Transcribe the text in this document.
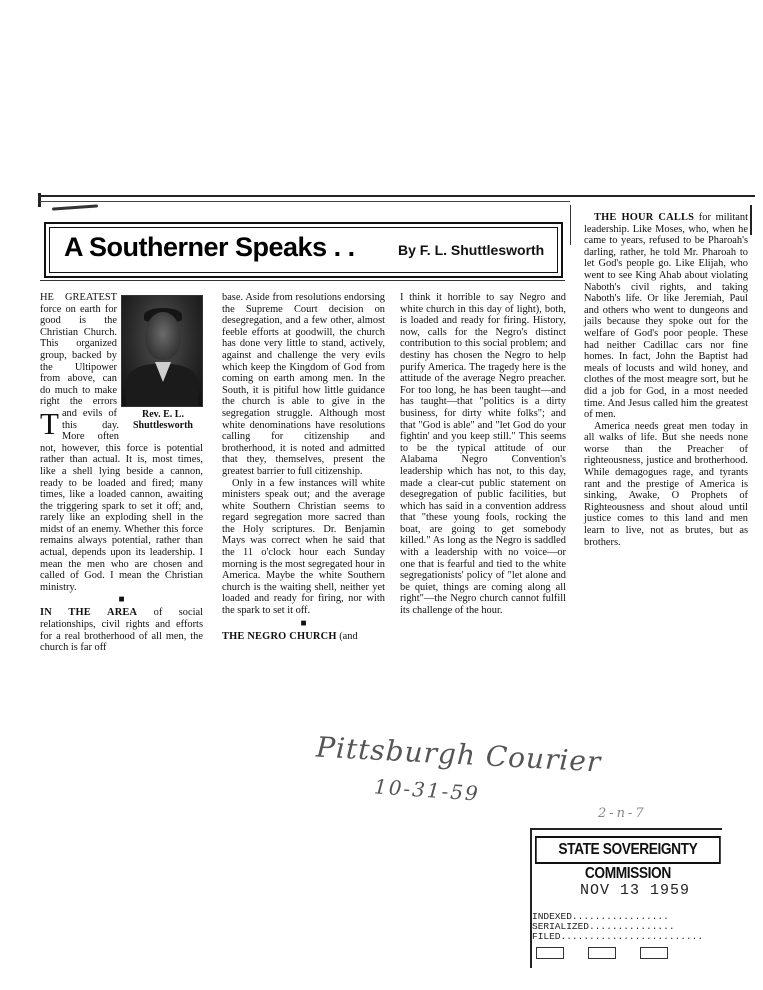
A Southerner Speaks . .	By F. L. Shuttlesworth
Rev. E. L.
Shuttlesworth

T
HE GREATEST force on earth for good is the Christian Church. This organized group, backed by the Ultipower from above, can do much to make right the errors and evils of this day. More often not, however, this force is potential rather than actual. It is, most times, like a shell lying beside a cannon, ready to be loaded and fired; many times, like a loaded cannon, awaiting the triggering spark to set it off; and, rarely like an exploding shell in the midst of an enemy. Whether this force remains always potential, rather than actual, depends upon its leadership. I mean the men who are chosen and called of God. I mean the Christian ministry.

■

IN THE AREA of social relationships, civil rights and efforts for a real brotherhood of all men, the church is far off

base. Aside from resolutions endorsing the Supreme Court decision on desegregation, and a few other, almost feeble efforts at goodwill, the church has done very little to stand, actively, against and challenge the very evils which keep the Kingdom of God from coming on earth among men. In the South, it is pitiful how little guidance the church is able to give in the segregation struggle. Although most white denominations have resolutions calling for citizenship and brotherhood, it is noted and admitted that they, themselves, present the greatest barrier to full citizenship.

Only in a few instances will white ministers speak out; and the average white Southern Christian seems to regard segregation more sacred than the Holy scriptures. Dr. Benjamin Mays was correct when he said that the 11 o'clock hour each Sunday morning is the most segregated hour in America. Maybe the white Southern church is the waiting shell, neither yet loaded and ready for firing, nor with the spark to set it off.

■

THE NEGRO CHURCH (and

I think it horrible to say Negro and white church in this day of light), both, is loaded and ready for firing. History, now, calls for the Negro's distinct contribution to this social problem; and destiny has chosen the Negro to help purify America. The tragedy here is the attitude of the average Negro preacher. For too long, he has been taught—and has taught—that "politics is a dirty business, for dirty white folks"; and that "God is able" and "let God do your fightin' and you keep still." This seems to be the typical attitude of our Alabama Negro Convention's leadership which has not, to this day, made a clear-cut public statement on desegregation of public facilities, but which has said in a convention address that "these young fools, rocking the boat, are going to get somebody killed." As long as the Negro is saddled with a leadership with no voice—or one that is fearful and tied to the white segregationists' policy of "let alone and be quiet, things are coming along all right"—the Negro church cannot fulfill its challenge of the hour.

THE HOUR CALLS for militant leadership. Like Moses, who, when he came to years, refused to be Pharoah's darling, rather, he told Mr. Pharoah to let God's people go. Like Elijah, who went to see King Ahab about violating Naboth's civil rights, and taking Naboth's life. Or like Jeremiah, Paul and others who went to dungeons and jails because they spoke out for the welfare of God's poor people. These had neither Cadillac cars nor fine homes. In fact, John the Baptist had meals of locusts and wild honey, and clothes of the most meagre sort, but he did a job for God, in a most needed time. And Jesus called him the greatest of men.

America needs great men today in all walks of life. But she needs none worse than the Preacher of righteousness, justice and brotherhood. While demagogues rage, and tyrants rant and the prestige of America is sinking, Awake, O Prophets of Righteousness and shout aloud until justice comes to this land and men learn to live, not as brutes, but as brothers.

Pittsburgh Courier
10-31-59
2-n-7
STATE SOVEREIGNTY COMMISSION
NOV 13 1959
INDEXED.................
SERIALIZED...............
FILED.........................
